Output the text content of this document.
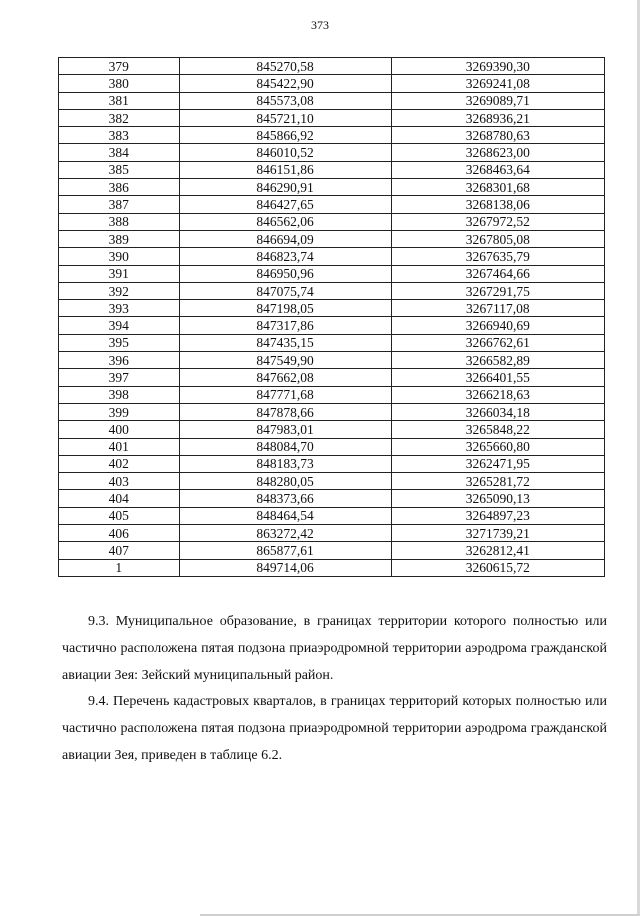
373
379	845270,58	3269390,30
380	845422,90	3269241,08
381	845573,08	3269089,71
382	845721,10	3268936,21
383	845866,92	3268780,63
384	846010,52	3268623,00
385	846151,86	3268463,64
386	846290,91	3268301,68
387	846427,65	3268138,06
388	846562,06	3267972,52
389	846694,09	3267805,08
390	846823,74	3267635,79
391	846950,96	3267464,66
392	847075,74	3267291,75
393	847198,05	3267117,08
394	847317,86	3266940,69
395	847435,15	3266762,61
396	847549,90	3266582,89
397	847662,08	3266401,55
398	847771,68	3266218,63
399	847878,66	3266034,18
400	847983,01	3265848,22
401	848084,70	3265660,80
402	848183,73	3262471,95
403	848280,05	3265281,72
404	848373,66	3265090,13
405	848464,54	3264897,23
406	863272,42	3271739,21
407	865877,61	3262812,41
1	849714,06	3260615,72
9.3. Муниципальное образование, в границах территории которого полностью или частично расположена пятая подзона приаэродромной территории аэродрома гражданской авиации Зея: Зейский муниципальный район.
9.4. Перечень кадастровых кварталов, в границах территорий которых полностью или частично расположена пятая подзона приаэродромной территории аэродрома гражданской авиации Зея, приведен в таблице 6.2.
